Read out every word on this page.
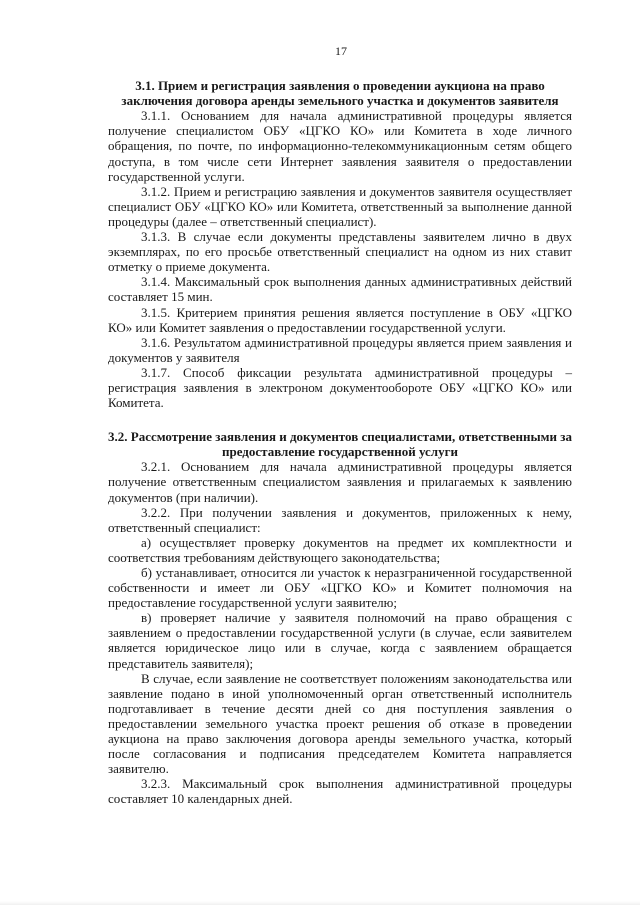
17

3.1. Прием и регистрация заявления о проведении аукциона на право заключения договора аренды земельного участка и документов заявителя

3.1.1. Основанием для начала административной процедуры является получение специалистом ОБУ «ЦГКО КО» или Комитета в ходе личного обращения, по почте, по информационно-телекоммуникационным сетям общего доступа, в том числе сети Интернет заявления заявителя о предоставлении государственной услуги.

3.1.2. Прием и регистрацию заявления и документов заявителя осуществляет специалист ОБУ «ЦГКО КО» или Комитета, ответственный за выполнение данной процедуры (далее – ответственный специалист).

3.1.3. В случае если документы представлены заявителем лично в двух экземплярах, по его просьбе ответственный специалист на одном из них ставит отметку о приеме документа.

3.1.4. Максимальный срок выполнения данных административных действий составляет 15 мин.

3.1.5. Критерием принятия решения является поступление в ОБУ «ЦГКО КО» или Комитет заявления о предоставлении государственной услуги.

3.1.6. Результатом административной процедуры является прием заявления и документов у заявителя

3.1.7. Способ фиксации результата административной процедуры – регистрация заявления в электроном документообороте ОБУ «ЦГКО КО» или Комитета.

3.2. Рассмотрение заявления и документов специалистами, ответственными за предоставление государственной услуги

3.2.1. Основанием для начала административной процедуры является получение ответственным специалистом заявления и прилагаемых к заявлению документов (при наличии).

3.2.2. При получении заявления и документов, приложенных к нему, ответственный специалист:

а) осуществляет проверку документов на предмет их комплектности и соответствия требованиям действующего законодательства;

б) устанавливает, относится ли участок к неразграниченной государственной собственности и имеет ли ОБУ «ЦГКО КО» и Комитет полномочия на предоставление государственной услуги заявителю;

в) проверяет наличие у заявителя полномочий на право обращения с заявлением о предоставлении государственной услуги (в случае, если заявителем является юридическое лицо или в случае, когда с заявлением обращается представитель заявителя);

В случае, если заявление не соответствует положениям законодательства или заявление подано в иной уполномоченный орган ответственный исполнитель подготавливает в течение десяти дней со дня поступления заявления о предоставлении земельного участка проект решения об отказе в проведении аукциона на право заключения договора аренды земельного участка, который после согласования и подписания председателем Комитета направляется заявителю.

3.2.3. Максимальный срок выполнения административной процедуры составляет 10 календарных дней.
